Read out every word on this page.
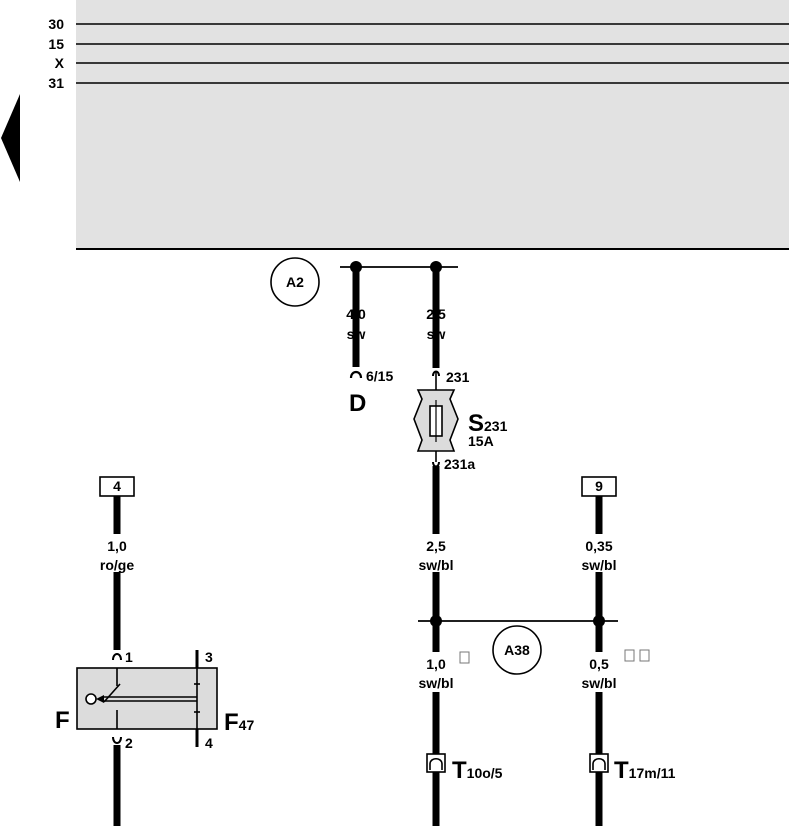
30
15
X
31
A2
4,0
sw
6/15
D
2,5
sw
231
S231
15A
231a
2,5
sw/bl
9
0,35
sw/bl
A38
1,0
sw/bl
0,5
sw/bl
T10o/5	T17m/11
4
1,0
ro/ge
1	3
F	F47
4
2
